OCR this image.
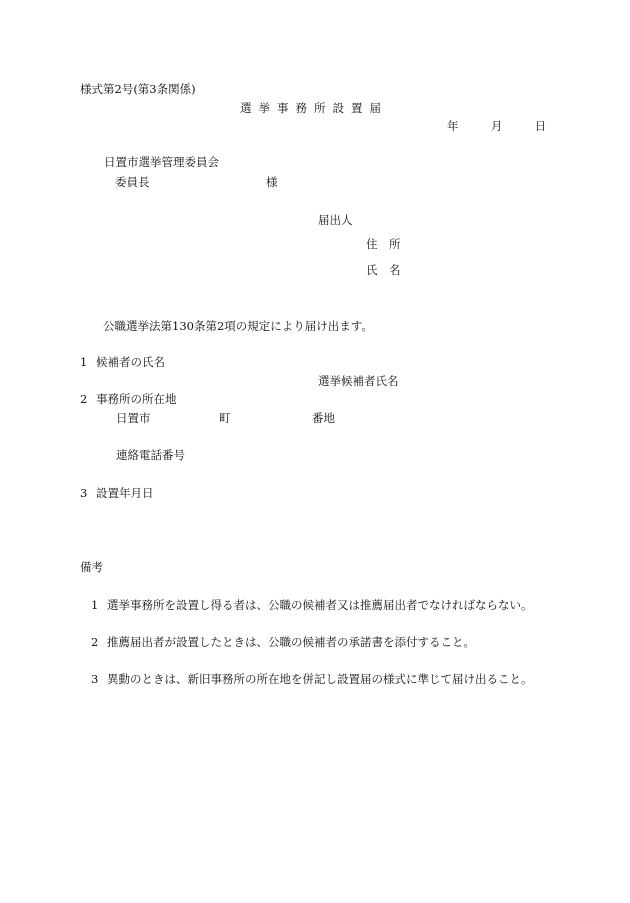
様式第2号(第3条関係)
選挙事務所設置届
年	月	日
日置市選挙管理委員会
委員長	様
届出人
住　所
氏　名
公職選挙法第130条第2項の規定により届け出ます。
1 候補者の氏名
選挙候補者氏名
2 事務所の所在地
日置市	町	番地
連絡電話番号
3 設置年月日
備考
1 選挙事務所を設置し得る者は、公職の候補者又は推薦届出者でなければならない。
2 推薦届出者が設置したときは、公職の候補者の承諾書を添付すること。
3 異動のときは、新旧事務所の所在地を併記し設置届の様式に準じて届け出ること。
